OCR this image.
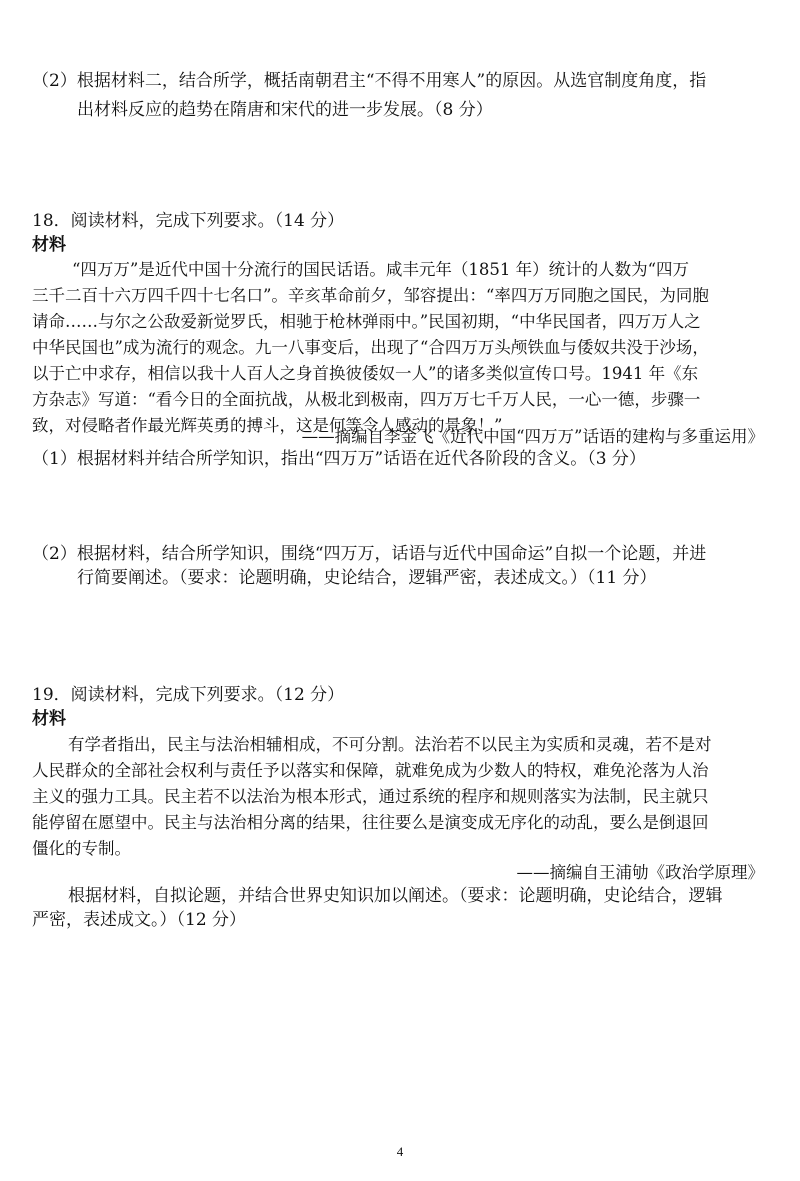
（2）根据材料二，结合所学，概括南朝君主“不得不用寒人”的原因。从选官制度角度，指
出材料反应的趋势在隋唐和宋代的进一步发展。（8 分）
18．阅读材料，完成下列要求。（14 分）
材料
“四万万”是近代中国十分流行的国民话语。咸丰元年（1851 年）统计的人数为“四万
三千二百十六万四千四十七名口”。辛亥革命前夕，邹容提出：“率四万万同胞之国民，为同胞
请命……与尔之公敌爱新觉罗氏，相驰于枪林弹雨中。”民国初期，“中华民国者，四万万人之
中华民国也”成为流行的观念。九一八事变后，出现了“合四万万头颅铁血与倭奴共没于沙场，
以于亡中求存，相信以我十人百人之身首换彼倭奴一人”的诸多类似宣传口号。1941 年《东
方杂志》写道：“看今日的全面抗战，从极北到极南，四万万七千万人民，一心一德，步骤一
致，对侵略者作最光辉英勇的搏斗，这是何等令人感动的景象！”
——摘编自李金飞《近代中国“四万万”话语的建构与多重运用》
（1）根据材料并结合所学知识，指出“四万万”话语在近代各阶段的含义。（3 分）
（2）根据材料，结合所学知识，围绕“四万万，话语与近代中国命运”自拟一个论题，并进
行简要阐述。（要求：论题明确，史论结合，逻辑严密，表述成文。）（11 分）
19．阅读材料，完成下列要求。（12 分）
材料
有学者指出，民主与法治相辅相成，不可分割。法治若不以民主为实质和灵魂，若不是对
人民群众的全部社会权利与责任予以落实和保障，就难免成为少数人的特权，难免沦落为人治
主义的强力工具。民主若不以法治为根本形式，通过系统的程序和规则落实为法制，民主就只
能停留在愿望中。民主与法治相分离的结果，往往要么是演变成无序化的动乱，要么是倒退回
僵化的专制。
——摘编自王浦劬《政治学原理》
根据材料，自拟论题，并结合世界史知识加以阐述。（要求：论题明确，史论结合，逻辑
严密，表述成文。）（12 分）
4
